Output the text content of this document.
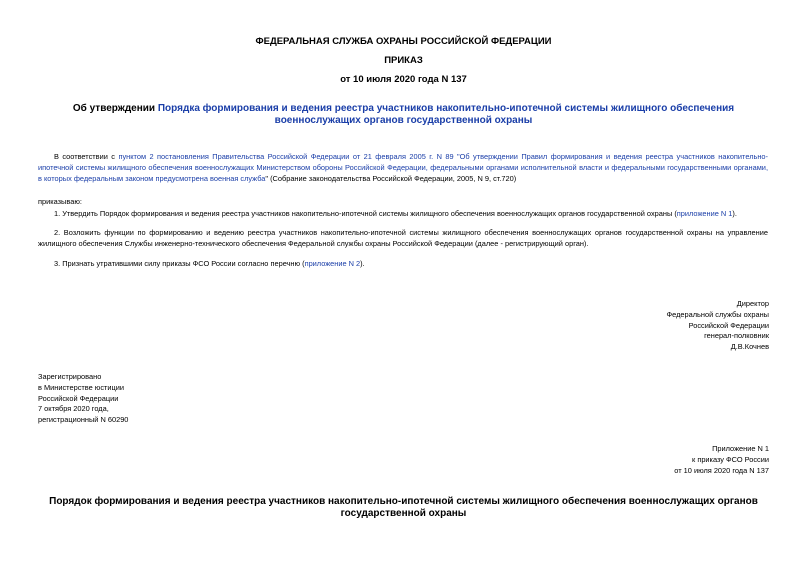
ФЕДЕРАЛЬНАЯ СЛУЖБА ОХРАНЫ РОССИЙСКОЙ ФЕДЕРАЦИИ
ПРИКАЗ
от 10 июля 2020 года N 137
Об утверждении Порядка формирования и ведения реестра участников накопительно-ипотечной системы жилищного обеспечения военнослужащих органов государственной охраны
В соответствии с пунктом 2 постановления Правительства Российской Федерации от 21 февраля 2005 г. N 89 "Об утверждении Правил формирования и ведения реестра участников накопительно-ипотечной системы жилищного обеспечения военнослужащих Министерством обороны Российской Федерации, федеральными органами исполнительной власти и федеральными государственными органами, в которых федеральным законом предусмотрена военная служба" (Собрание законодательства Российской Федерации, 2005, N 9, ст.720)
приказываю:
1. Утвердить Порядок формирования и ведения реестра участников накопительно-ипотечной системы жилищного обеспечения военнослужащих органов государственной охраны (приложение N 1).
2. Возложить функции по формированию и ведению реестра участников накопительно-ипотечной системы жилищного обеспечения военнослужащих органов государственной охраны на управление жилищного обеспечения Службы инженерно-технического обеспечения Федеральной службы охраны Российской Федерации (далее - регистрирующий орган).
3. Признать утратившими силу приказы ФСО России согласно перечню (приложение N 2).
Директор
Федеральной службы охраны
Российской Федерации
генерал-полковник
Д.В.Кочнев
Зарегистрировано
в Министерстве юстиции
Российской Федерации
7 октября 2020 года,
регистрационный N 60290
Приложение N 1
к приказу ФСО России
от 10 июля 2020 года N 137
Порядок формирования и ведения реестра участников накопительно-ипотечной системы жилищного обеспечения военнослужащих органов государственной охраны
